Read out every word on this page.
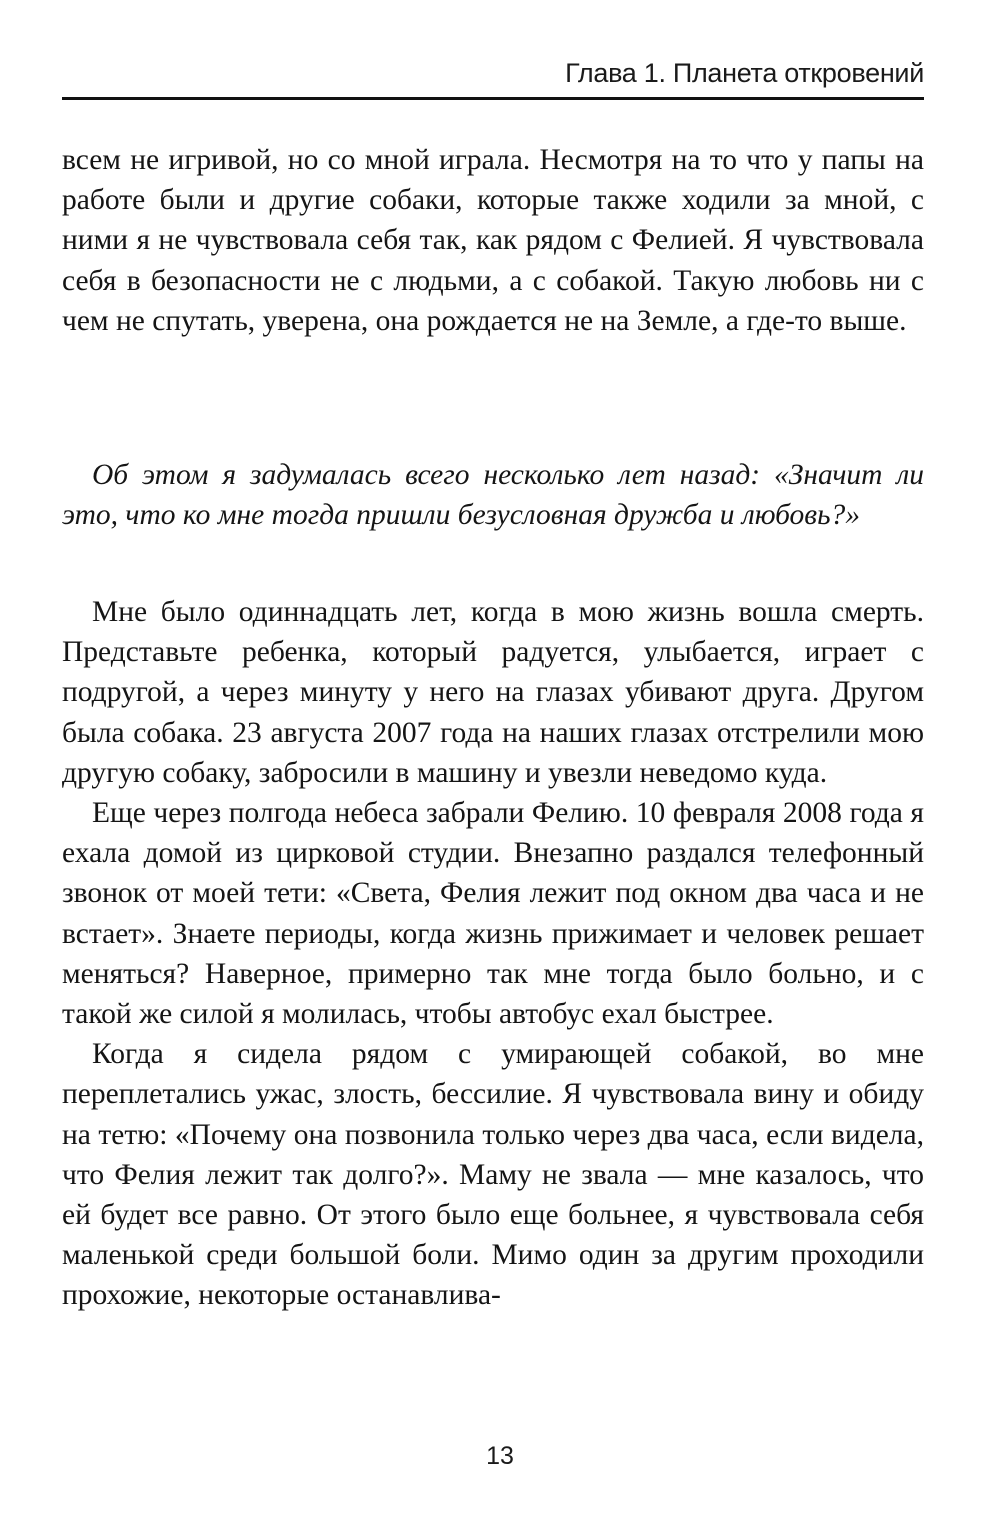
Глава 1. Планета откровений

всем не игривой, но со мной играла. Несмотря на то что у папы на работе были и другие собаки, которые также ходили за мной, с ними я не чувствовала себя так, как рядом с Фелией. Я чувствовала себя в безопасности не с людьми, а с собакой. Такую любовь ни с чем не спутать, уверена, она рождается не на Земле, а где-то выше.

Об этом я задумалась всего несколько лет назад: «Значит ли это, что ко мне тогда пришли безусловная дружба и любовь?»

Мне было одиннадцать лет, когда в мою жизнь вошла смерть. Представьте ребенка, который радуется, улыбается, играет с подругой, а через минуту у него на глазах убивают друга. Другом была собака. 23 августа 2007 года на наших глазах отстрелили мою другую собаку, забросили в машину и увезли неведомо куда.

Еще через полгода небеса забрали Фелию. 10 февраля 2008 года я ехала домой из цирковой студии. Внезапно раздался телефонный звонок от моей тети: «Света, Фелия лежит под окном два часа и не встает». Знаете периоды, когда жизнь прижимает и человек решает меняться? Наверное, примерно так мне тогда было больно, и с такой же силой я молилась, чтобы автобус ехал быстрее.

Когда я сидела рядом с умирающей собакой, во мне переплетались ужас, злость, бессилие. Я чувствовала вину и обиду на тетю: «Почему она позвонила только через два часа, если видела, что Фелия лежит так долго?». Маму не звала — мне казалось, что ей будет все равно. От этого было еще больнее, я чувствовала себя маленькой среди большой боли. Мимо один за другим проходили прохожие, некоторые останавлива-

13
